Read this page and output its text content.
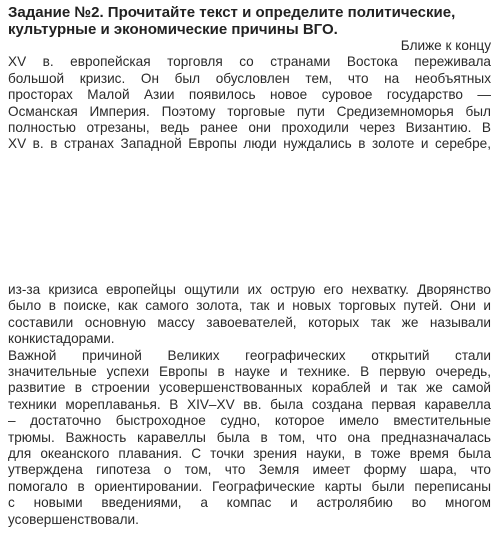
Задание №2. Прочитайте текст и определите политические,
культурные и экономические причины ВГО.

Ближе к концу

XV в. европейская торговля со странами Востока переживала
большой кризис. Он был обусловлен тем, что на необъятных
просторах Малой Азии появилось новое суровое государство —
Османская Империя. Поэтому торговые пути Средиземноморья был
полностью отрезаны, ведь ранее они проходили через Византию. В
XV в. в странах Западной Европы люди нуждались в золоте и серебре,
из-за кризиса европейцы ощутили их острую его нехватку. Дворянство
было в поиске, как самого золота, так и новых торговых путей. Они и
составили основную массу завоевателей, которых так же называли
конкистадорами.
Важной причиной Великих географических открытий стали
значительные успехи Европы в науке и технике. В первую очередь,
развитие в строении усовершенствованных кораблей и так же самой
техники мореплаванья. В XIV–XV вв. была создана первая каравелла
– достаточно быстроходное судно, которое имело вместительные
трюмы. Важность каравеллы была в том, что она предназначалась
для океанского плавания. С точки зрения науки, в тоже время была
утверждена гипотеза о том, что Земля имеет форму шара, что
помогало в ориентировании. Географические карты были переписаны
с новыми введениями, а компас и астролябию во многом
усовершенствовали.
